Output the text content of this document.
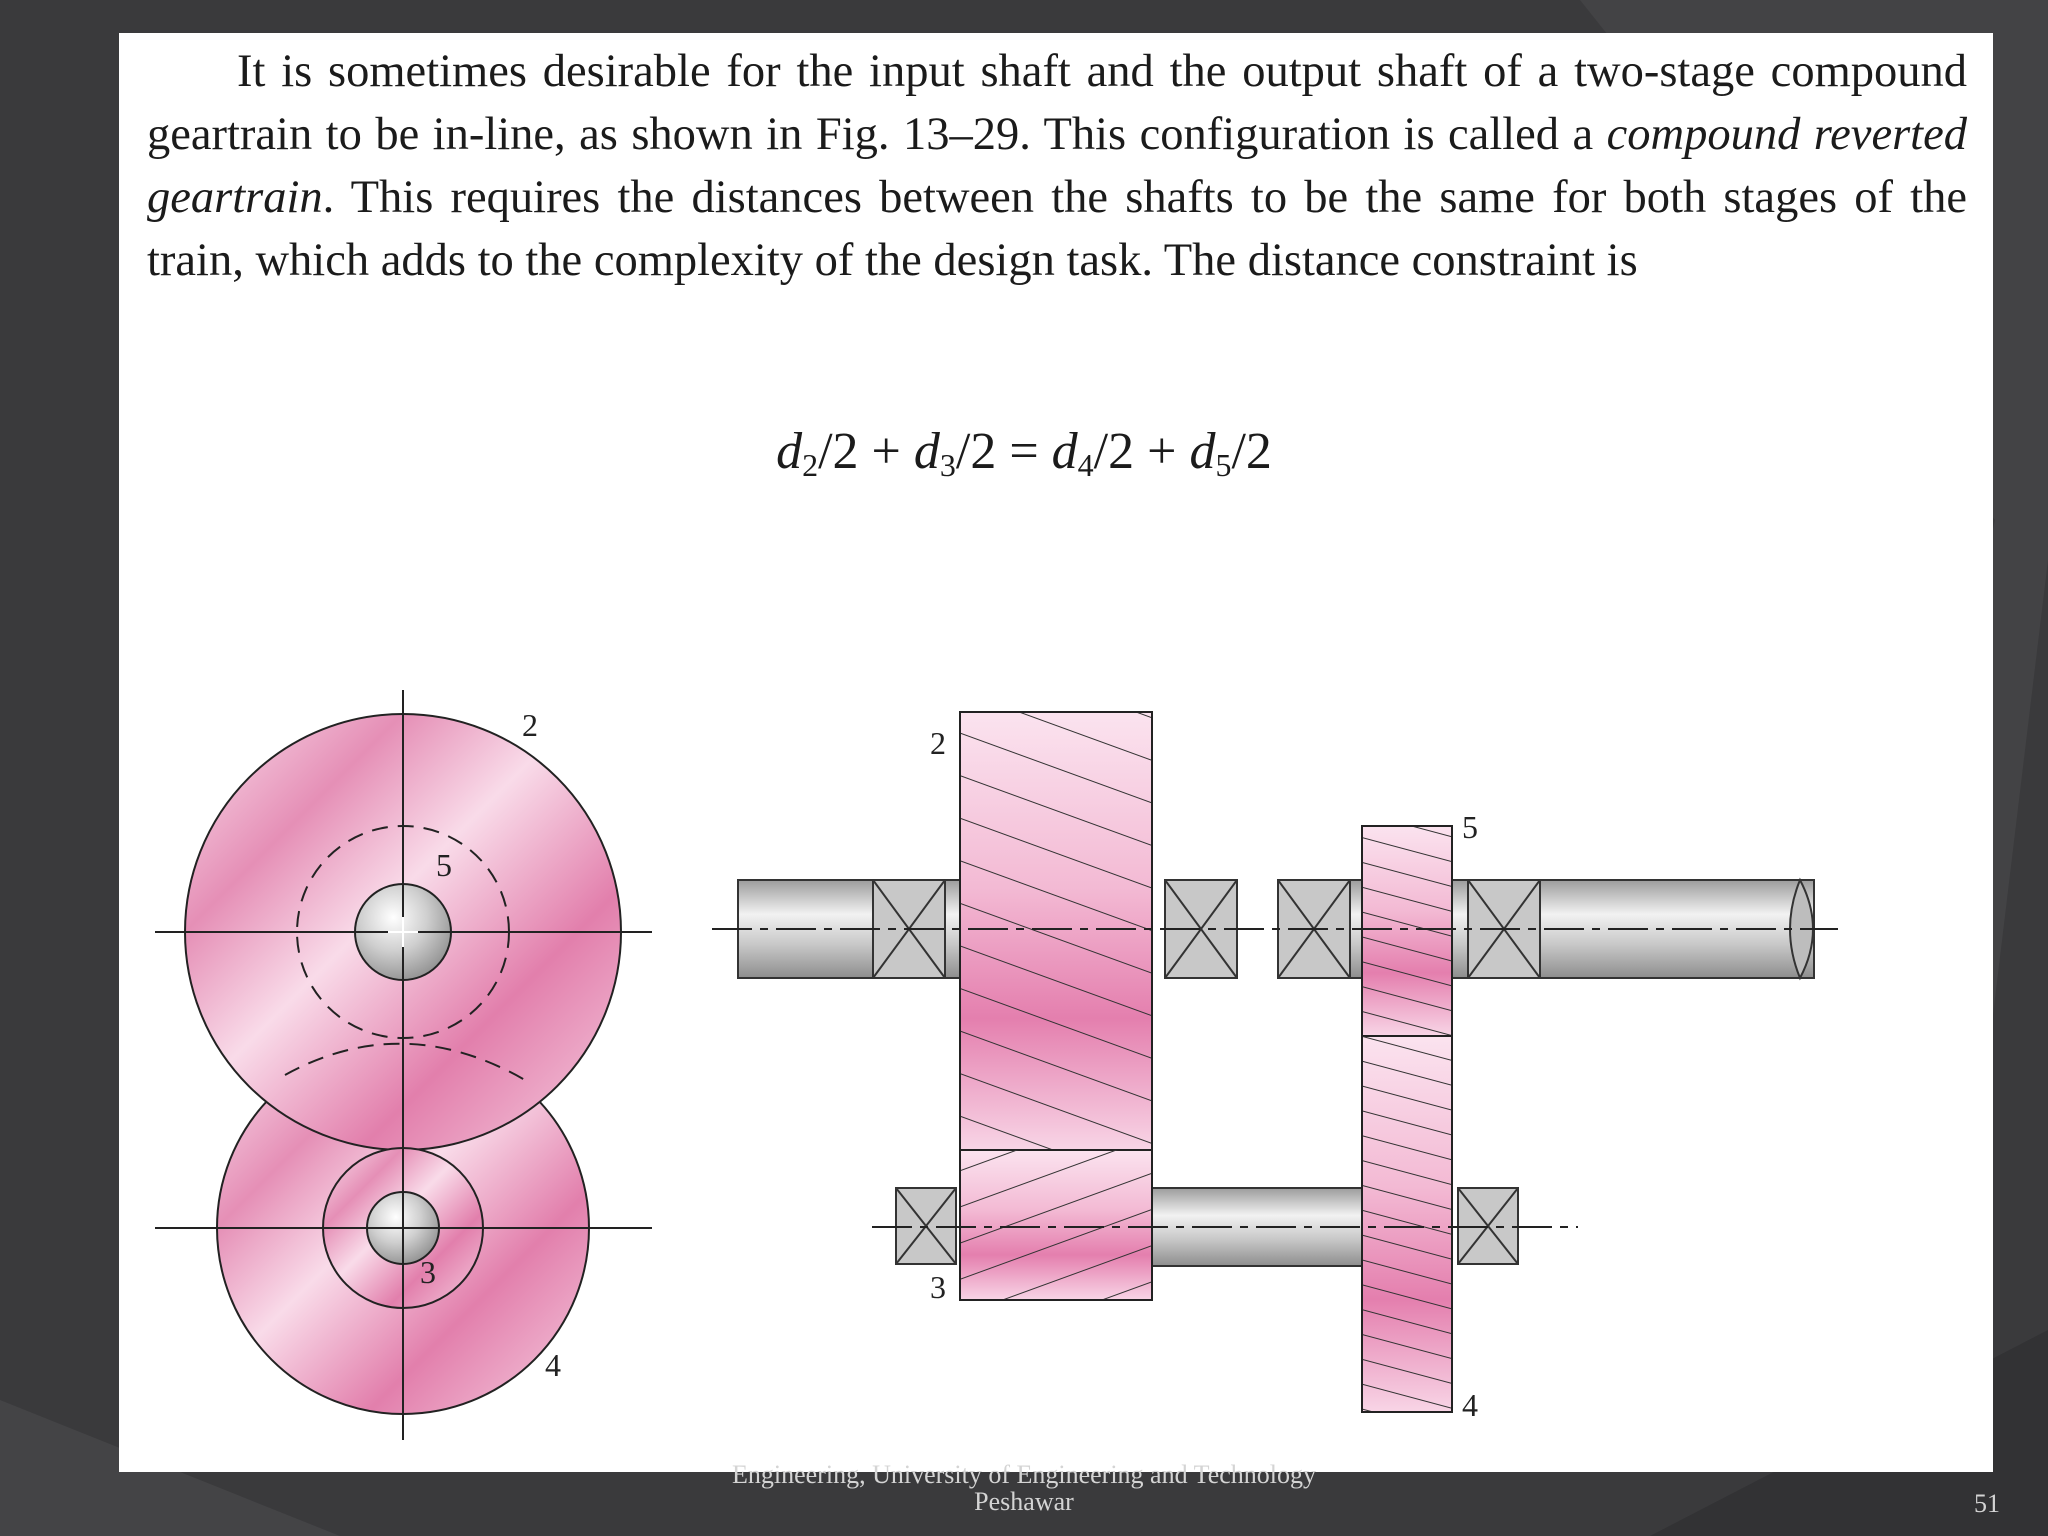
It is sometimes desirable for the input shaft and the output shaft of a two-stage compound geartrain to be in-line, as shown in Fig. 13–29. This configuration is called a compound reverted geartrain. This requires the distances between the shafts to be the same for both stages of the train, which adds to the complexity of the design task. The distance constraint is

$d_2/2 + d_3/2 = d_4/2 + d_5/2$
2
5
3
4
2
5
3
4
Engineering, University of Engineering and Technology
Peshawar	51
